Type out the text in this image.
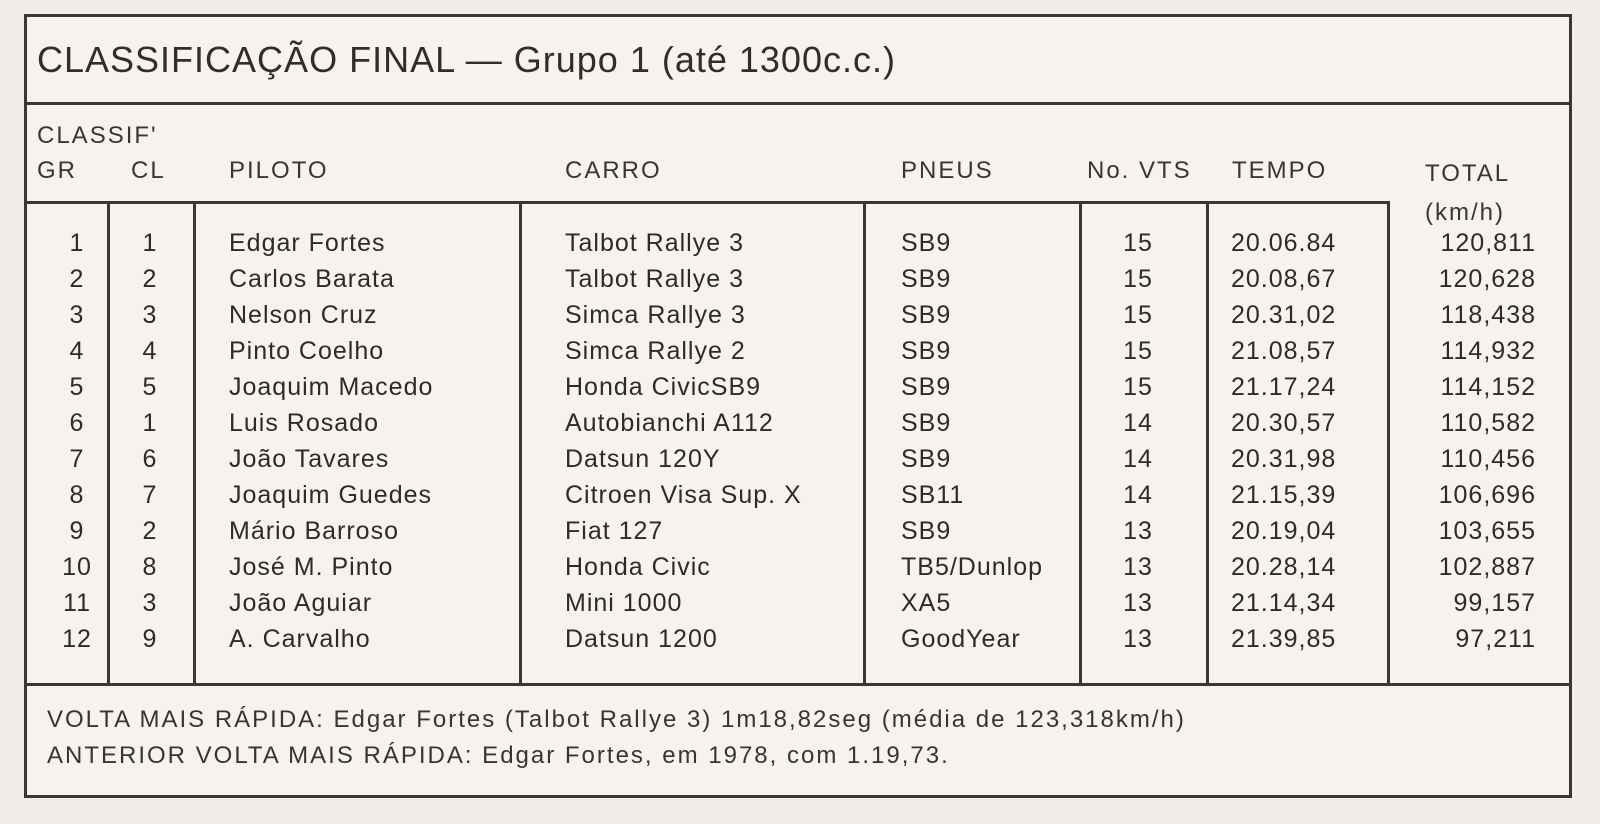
CLASSIFICAÇÃO FINAL — Grupo 1 (até 1300c.c.)
CLASSIF'
GR CL	PILOTO	CARRO	PNEUS	No. VTS TEMPO	TOTAL
(km/h)
1	1	Edgar Fortes	Talbot Rallye 3	SB9	15	20.06.84	120,811
2	2	Carlos Barata	Talbot Rallye 3	SB9	15	20.08,67	120,628
3	3	Nelson Cruz	Simca Rallye 3	SB9	15	20.31,02	118,438
4	4	Pinto Coelho	Simca Rallye 2	SB9	15	21.08,57	114,932
5	5	Joaquim Macedo	Honda CivicSB9	SB9	15	21.17,24	114,152
6	1	Luis Rosado	Autobianchi A112	SB9	14	20.30,57	110,582
7	6	João Tavares	Datsun 120Y	SB9	14	20.31,98	110,456
8	7	Joaquim Guedes	Citroen Visa Sup. X	SB11	14	21.15,39	106,696
9	2	Mário Barroso	Fiat 127	SB9	13	20.19,04	103,655
10	8	José M. Pinto	Honda Civic	TB5/Dunlop	13	20.28,14	102,887
11	3	João Aguiar	Mini 1000	XA5	13	21.14,34	99,157
12	9	A. Carvalho	Datsun 1200	GoodYear	13	21.39,85	97,211
VOLTA MAIS RÁPIDA: Edgar Fortes (Talbot Rallye 3) 1m18,82seg (média de 123,318km/h)
ANTERIOR VOLTA MAIS RÁPIDA: Edgar Fortes, em 1978, com 1.19,73.
